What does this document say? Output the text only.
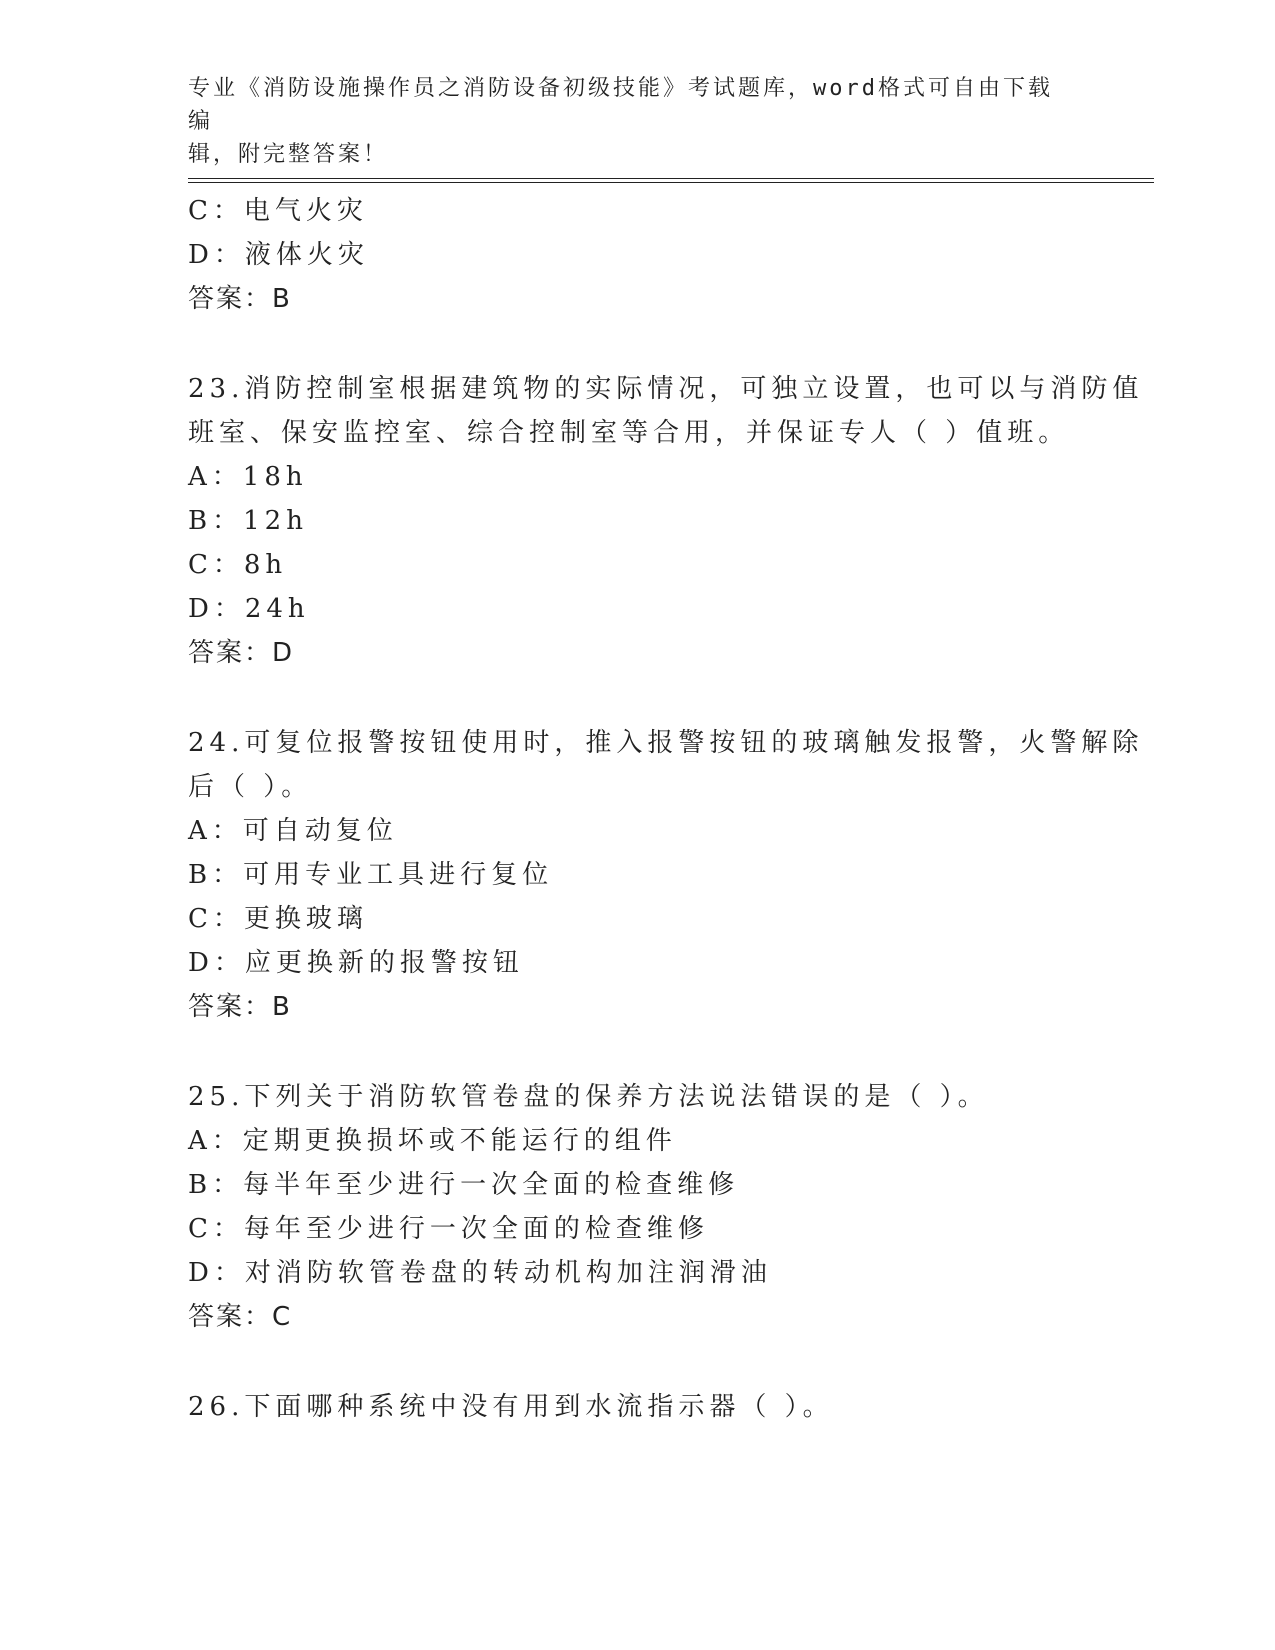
专业《消防设施操作员之消防设备初级技能》考试题库，word格式可自由下载编
辑，附完整答案！
C：电气火灾
D：液体火灾
答案：B
23.消防控制室根据建筑物的实际情况，可独立设置，也可以与消防值
班室、保安监控室、综合控制室等合用，并保证专人（ ）值班。
A：18h
B：12h
C：8h
D：24h
答案：D
24.可复位报警按钮使用时，推入报警按钮的玻璃触发报警，火警解除
后（ ）。
A：可自动复位
B：可用专业工具进行复位
C：更换玻璃
D：应更换新的报警按钮
答案：B
25.下列关于消防软管卷盘的保养方法说法错误的是（ ）。
A：定期更换损坏或不能运行的组件
B：每半年至少进行一次全面的检查维修
C：每年至少进行一次全面的检查维修
D：对消防软管卷盘的转动机构加注润滑油
答案：C
26.下面哪种系统中没有用到水流指示器（ ）。
